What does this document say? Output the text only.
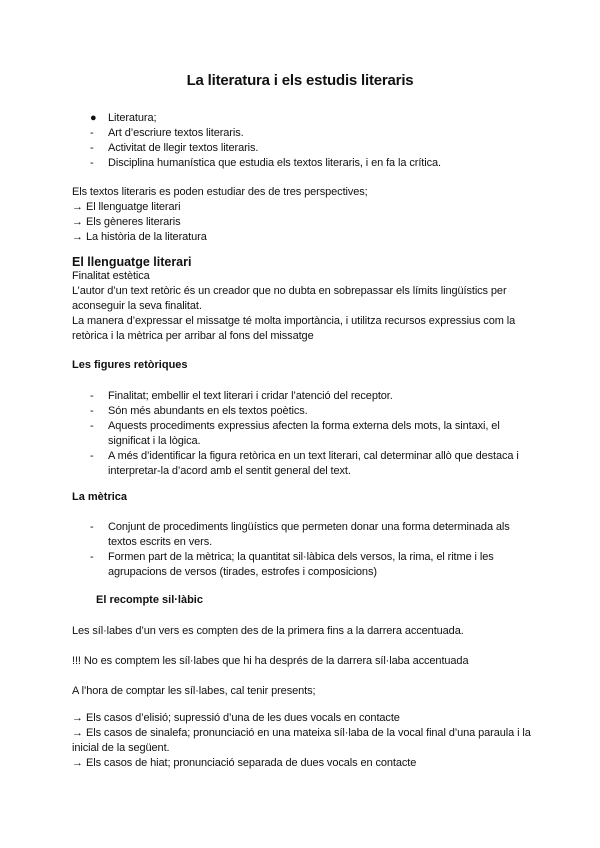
La literatura i els estudis literaris
●	Literatura;
-	Art d’escriure textos literaris.
-	Activitat de llegir textos literaris.
-	Disciplina humanística que estudia els textos literaris, i en fa la crítica.

Els textos literaris es poden estudiar des de tres perspectives;

→ El llenguatge literari

→ Els gèneres literaris

→ La història de la literatura

El llenguatge literari

Finalitat estètica

L’autor d’un text retòric és un creador que no dubta en sobrepassar els límits lingüístics per aconseguir la seva finalitat.

La manera d’expressar el missatge té molta importància, i utilitza recursos expressius com la retòrica i la mètrica per arribar al fons del missatge

Les figures retòriques
-	Finalitat; embellir el text literari i cridar l’atenció del receptor.
-	Són més abundants en els textos poètics.
-	Aquests procediments expressius afecten la forma externa dels mots, la sintaxi, el significat i la lògica.
-	A més d’identificar la figura retòrica en un text literari, cal determinar allò que destaca i interpretar-la d’acord amb el sentit general del text.
La mètrica
-	Conjunt de procediments lingüístics que permeten donar una forma determinada als textos escrits en vers.
-	Formen part de la mètrica; la quantitat sil·làbica dels versos, la rima, el ritme i les agrupacions de versos (tirades, estrofes i composicions)
El recompte sil·làbic

Les síl·labes d’un vers es compten des de la primera fins a la darrera accentuada.

!!! No es comptem les síl·labes que hi ha després de la darrera síl·laba accentuada

A l’hora de comptar les síl·labes, cal tenir presents;

→ Els casos d’elisió; supressió d’una de les dues vocals en contacte

→ Els casos de sinalefa; pronunciació en una mateixa síl·laba de la vocal final d’una paraula i la inicial de la següent.

→ Els casos de hiat; pronunciació separada de dues vocals en contacte
